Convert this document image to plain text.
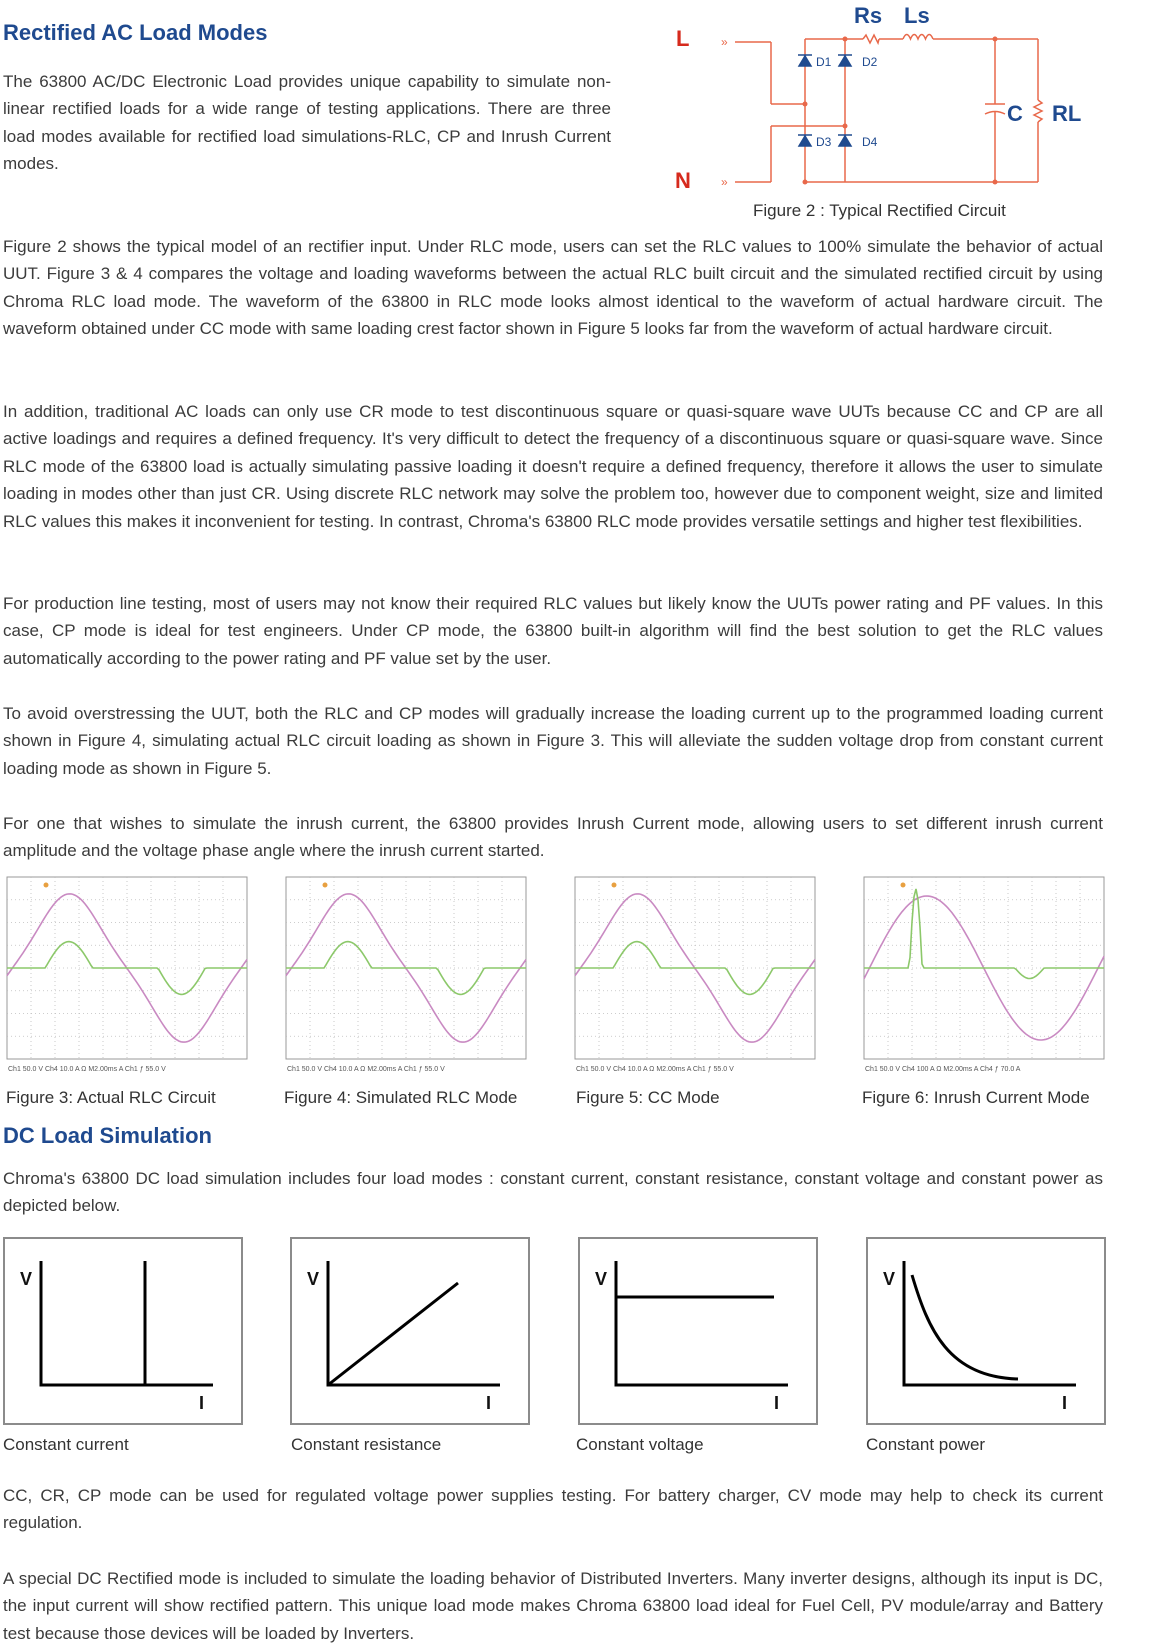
Rectified AC Load Modes

The 63800 AC/DC Electronic Load provides unique capability to simulate non-linear rectified loads for a wide range of testing applications. There are three load modes available for rectified load simulations-RLC, CP and Inrush Current modes.

»
»
L
N
Rs Ls
C RL
D1	D2
D3	D4
Figure 2 : Typical Rectified Circuit

Figure 2 shows the typical model of an rectifier input. Under RLC mode, users can set the RLC values to 100% simulate the behavior of actual UUT. Figure 3 & 4 compares the voltage and loading waveforms between the actual RLC built circuit and the simulated rectified circuit by using Chroma RLC load mode. The waveform of the 63800 in RLC mode looks almost identical to the waveform of actual hardware circuit. The waveform obtained under CC mode with same loading crest factor shown in Figure 5 looks far from the waveform of actual hardware circuit.

In addition, traditional AC loads can only use CR mode to test discontinuous square or quasi-square wave UUTs because CC and CP are all active loadings and requires a defined frequency. It's very difficult to detect the frequency of a discontinuous square or quasi-square wave. Since RLC mode of the 63800 load is actually simulating passive loading it doesn't require a defined frequency, therefore it allows the user to simulate loading in modes other than just CR. Using discrete RLC network may solve the problem too, however due to component weight, size and limited RLC values this makes it inconvenient for testing. In contrast, Chroma's 63800 RLC mode provides versatile settings and higher test flexibilities.

For production line testing, most of users may not know their required RLC values but likely know the UUTs power rating and PF values. In this case, CP mode is ideal for test engineers. Under CP mode, the 63800 built-in algorithm will find the best solution to get the RLC values automatically according to the power rating and PF value set by the user.

To avoid overstressing the UUT, both the RLC and CP modes will gradually increase the loading current up to the programmed loading current shown in Figure 4, simulating actual RLC circuit loading as shown in Figure 3. This will alleviate the sudden voltage drop from constant current loading mode as shown in Figure 5.

For one that wishes to simulate the inrush current, the 63800 provides Inrush Current mode, allowing users to set different inrush current amplitude and the voltage phase angle where the inrush current started.

Ch1 50.0 V Ch4 10.0 A Ω M2.00ms A Ch1 ƒ 55.0 V	Ch1 50.0 V Ch4 10.0 A Ω M2.00ms A Ch1 ƒ 55.0 V	Ch1 50.0 V Ch4 10.0 A Ω M2.00ms A Ch1 ƒ 55.0 V	Ch1 50.0 V Ch4 100 A Ω M2.00ms A Ch4 ƒ 70.0 A
Figure 3: Actual RLC Circuit	Figure 4: Simulated RLC Mode	Figure 5: CC Mode	Figure 6: Inrush Current Mode
DC Load Simulation

Chroma's 63800 DC load simulation includes four load modes : constant current, constant resistance, constant voltage and constant power as depicted below.

V
I
V
I
V
I
V
I
Constant current	Constant resistance	Constant voltage	Constant power

CC, CR, CP mode can be used for regulated voltage power supplies testing. For battery charger, CV mode may help to check its current regulation.

A special DC Rectified mode is included to simulate the loading behavior of Distributed Inverters. Many inverter designs, although its input is DC, the input current will show rectified pattern. This unique load mode makes Chroma 63800 load ideal for Fuel Cell, PV module/array and Battery test because those devices will be loaded by Inverters.
